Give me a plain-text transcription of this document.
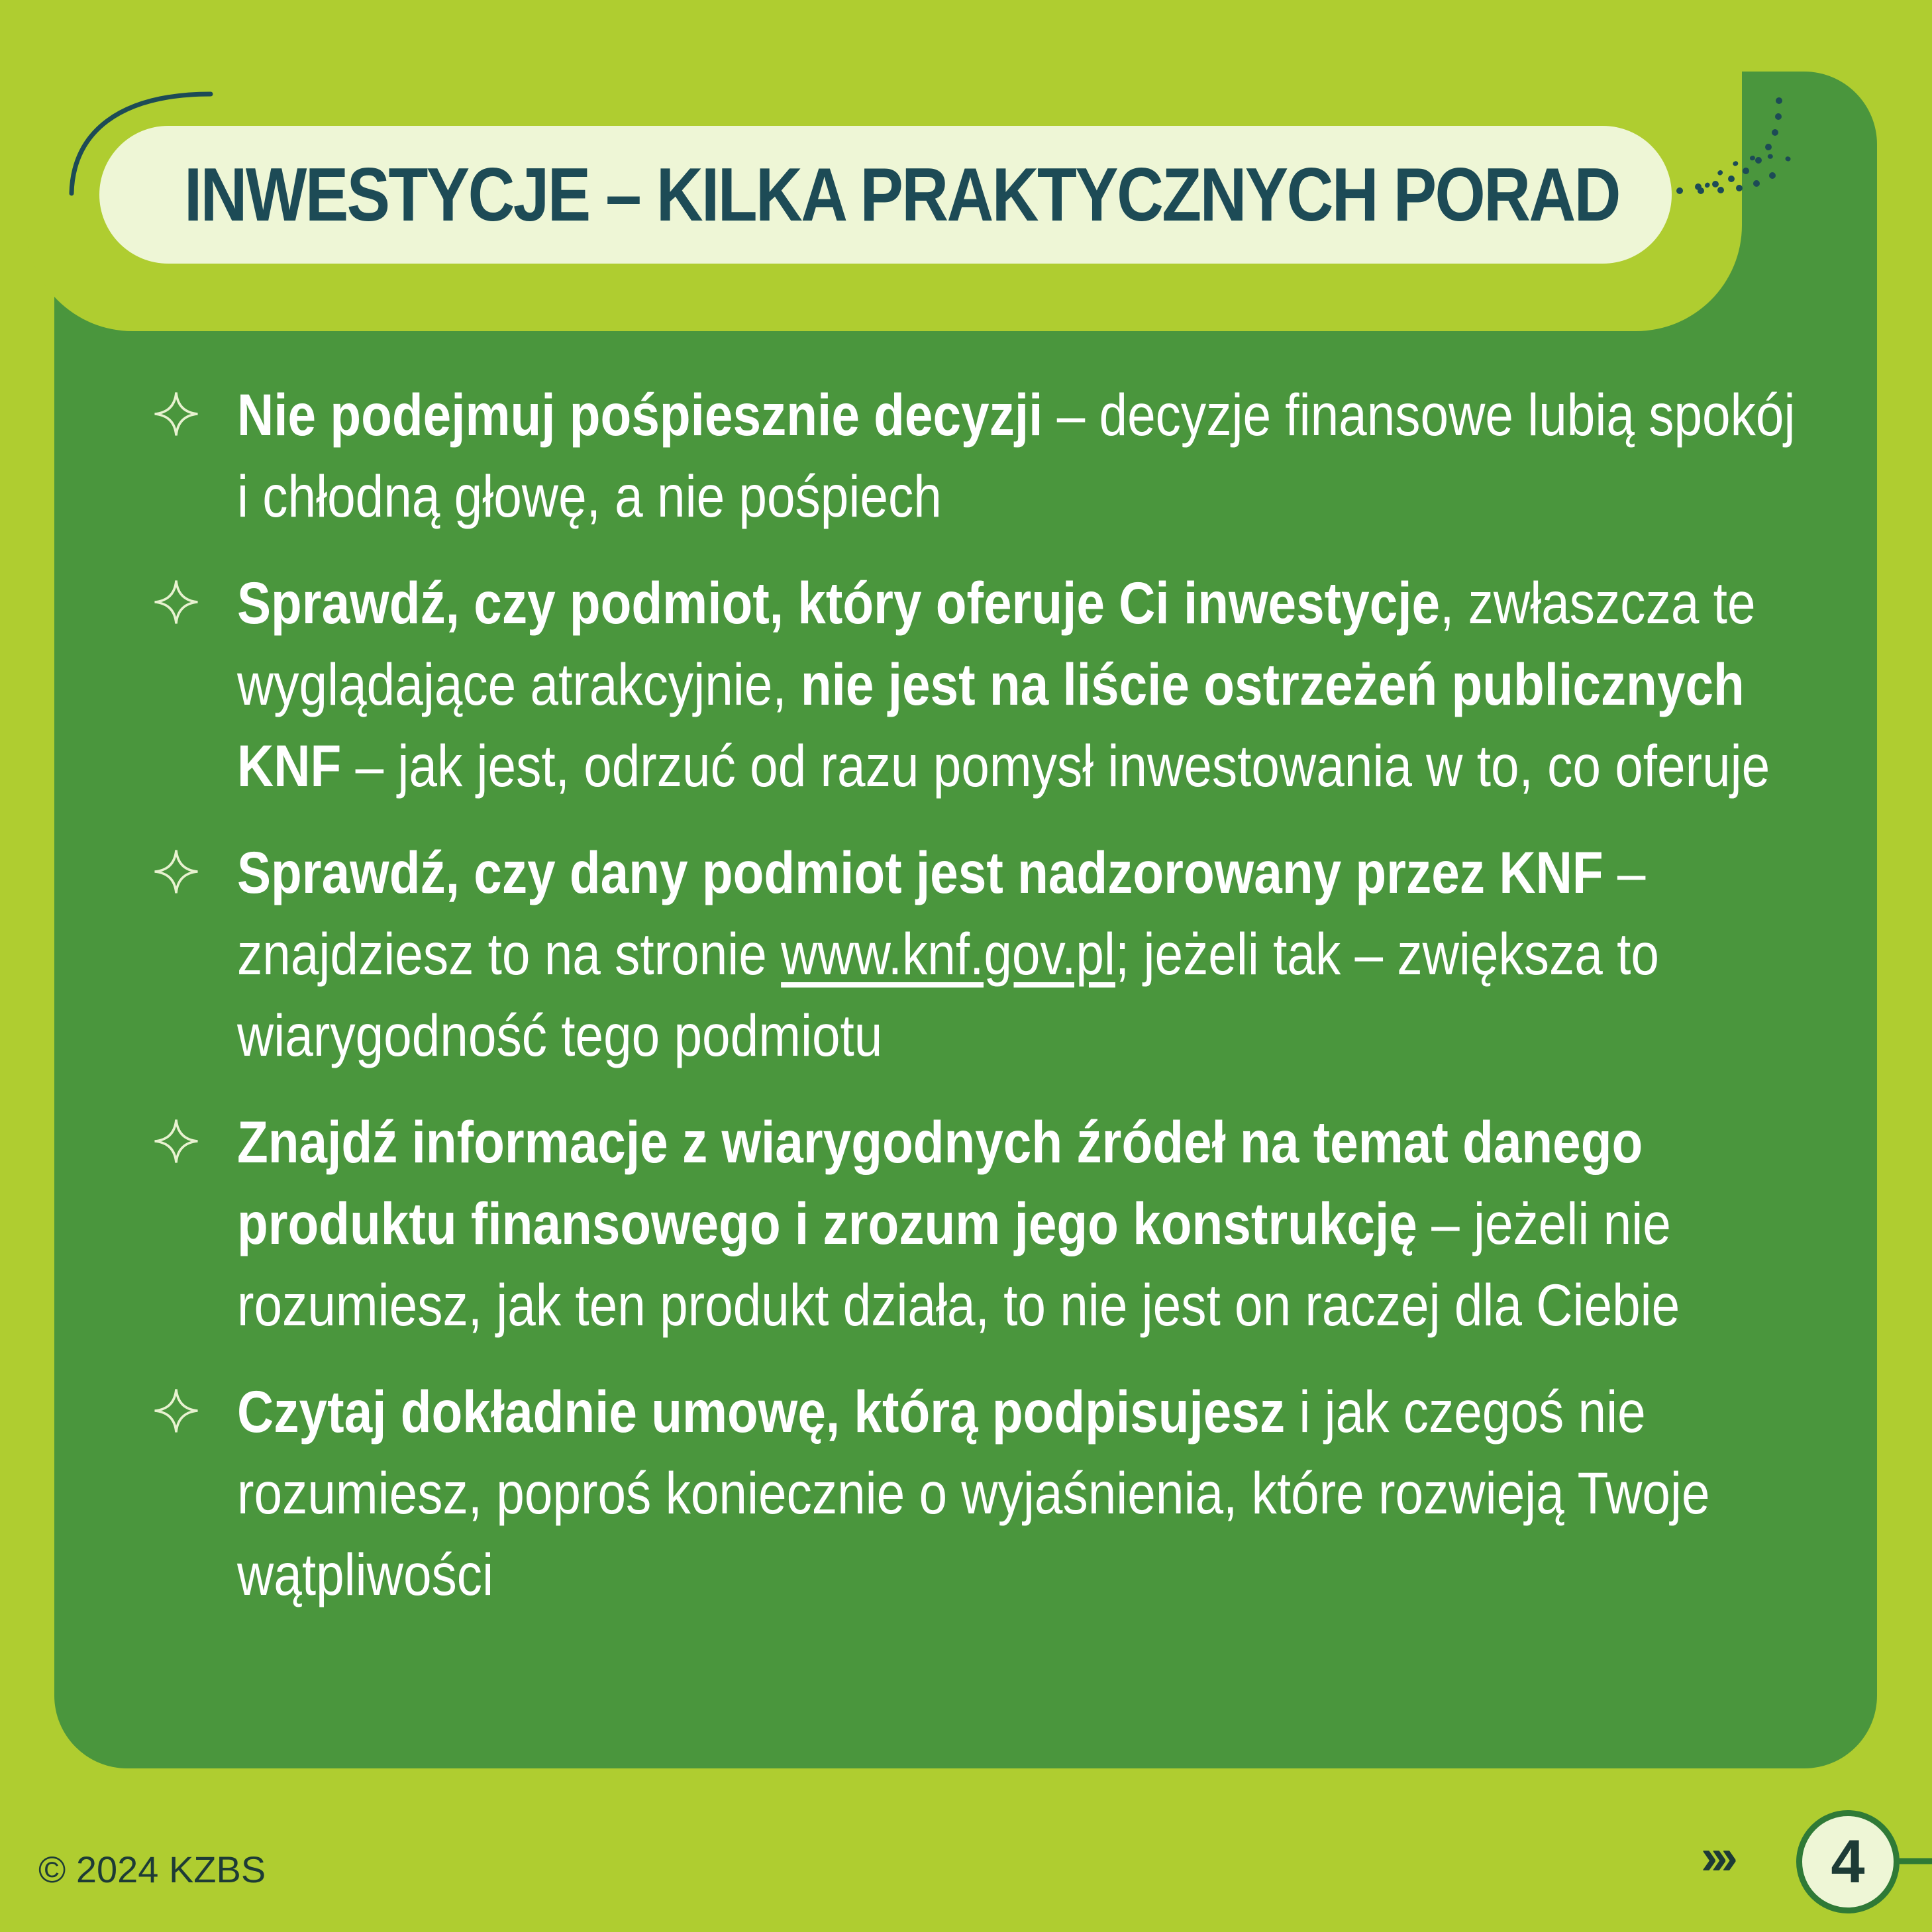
INWESTYCJE – KILKA PRAKTYCZNYCH PORAD
Nie podejmuj pośpiesznie decyzji – decyzje finansowe lubią spokój i chłodną głowę, a nie pośpiech
Sprawdź, czy podmiot, który oferuje Ci inwestycje, zwłaszcza te wyglądające atrakcyjnie, nie jest na liście ostrzeżeń publicznych KNF – jak jest, odrzuć od razu pomysł inwestowania w to, co oferuje
Sprawdź, czy dany podmiot jest nadzorowany przez KNF – znajdziesz to na stronie www.knf.gov.pl; jeżeli tak – zwiększa to wiarygodność tego podmiotu
Znajdź informacje z wiarygodnych źródeł na temat danego produktu finansowego i zrozum jego konstrukcję – jeżeli nie rozumiesz, jak ten produkt działa, to nie jest on raczej dla Ciebie
Czytaj dokładnie umowę, którą podpisujesz i jak czegoś nie rozumiesz, poproś koniecznie o wyjaśnienia, które rozwieją Twoje wątpliwości
© 2024 KZBS	›››	4
